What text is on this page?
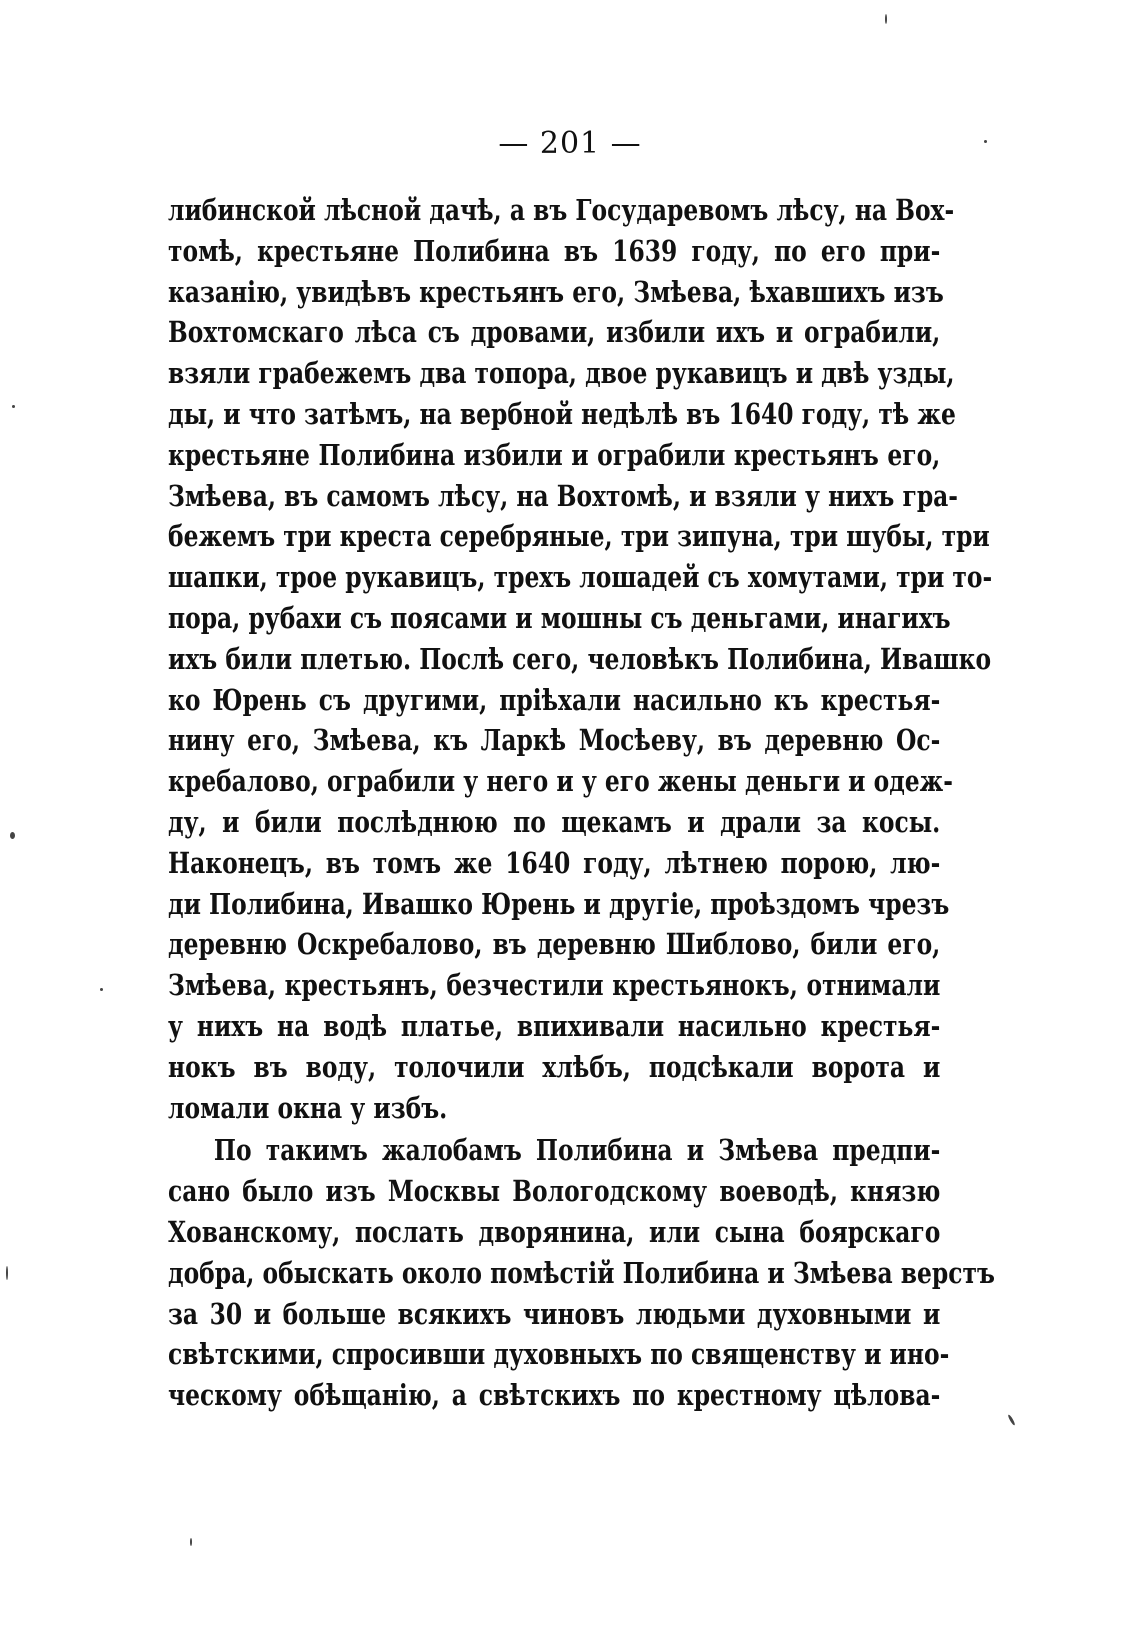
— 201 —
либинской лѣсной дачѣ, а въ Государевомъ лѣсу, на Вох-
томѣ, крестьяне Полибина въ 1639 году, по его при-
казанію, увидѣвъ крестьянъ его, Змѣева, ѣхавшихъ изъ
Вохтомскаго лѣса съ дровами, избили ихъ и ограбили,
взяли грабежемъ два топора, двое рукавицъ и двѣ узды,
ды, и что затѣмъ, на вербной недѣлѣ въ 1640 году, тѣ же
крестьяне Полибина избили и ограбили крестьянъ его,
Змѣева, въ самомъ лѣсу, на Вохтомѣ, и взяли у нихъ гра-
бежемъ три креста серебряные, три зипуна, три шубы, три
шапки, трое рукавицъ, трехъ лошадей съ хомутами, три то-
пора, рубахи съ поясами и мошны съ деньгами, инагихъ
ихъ били плетью. Послѣ сего, человѣкъ Полибина, Ивашко
ко Юрень съ другими, пріѣхали насильно къ крестья-
нину его, Змѣева, къ Ларкѣ Мосѣеву, въ деревню Ос-
кребалово, ограбили у него и у его жены деньги и одеж-
ду, и били послѣднюю по щекамъ и драли за косы.
Наконецъ, въ томъ же 1640 году, лѣтнею порою, лю-
ди Полибина, Ивашко Юрень и другіе, проѣздомъ чрезъ
деревню Оскребалово, въ деревню Шиблово, били его,
Змѣева, крестьянъ, безчестили крестьянокъ, отнимали
у нихъ на водѣ платье, впихивали насильно крестья-
нокъ въ воду, толочили хлѣбъ, подсѣкали ворота и
ломали окна у избъ.
По такимъ жалобамъ Полибина и Змѣева предпи-
сано было изъ Москвы Вологодскому воеводѣ, князю
Хованскому, послать дворянина, или сына боярскаго
добра, обыскать около помѣстій Полибина и Змѣева верстъ
за 30 и больше всякихъ чиновъ людьми духовными и
свѣтскими, спросивши духовныхъ по священству и ино-
ческому обѣщанію, а свѣтскихъ по крестному цѣлова-
